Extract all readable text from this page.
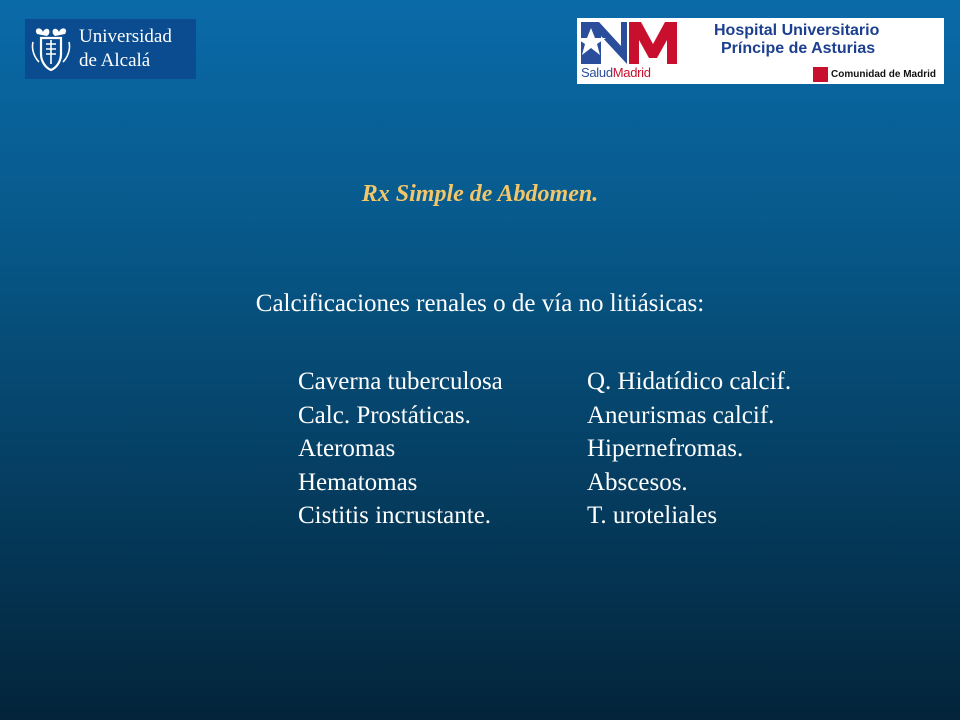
Universidad
de Alcalá
SaludMadrid
Hospital Universitario
Príncipe de Asturias
Comunidad de Madrid
Rx Simple de Abdomen.
Calcificaciones renales o de vía no litiásicas:
Caverna tuberculosa
Calc. Prostáticas.
Ateromas
Hematomas
Cistitis incrustante.
Q. Hidatídico calcif.
Aneurismas calcif.
Hipernefromas.
Abscesos.
T. uroteliales
